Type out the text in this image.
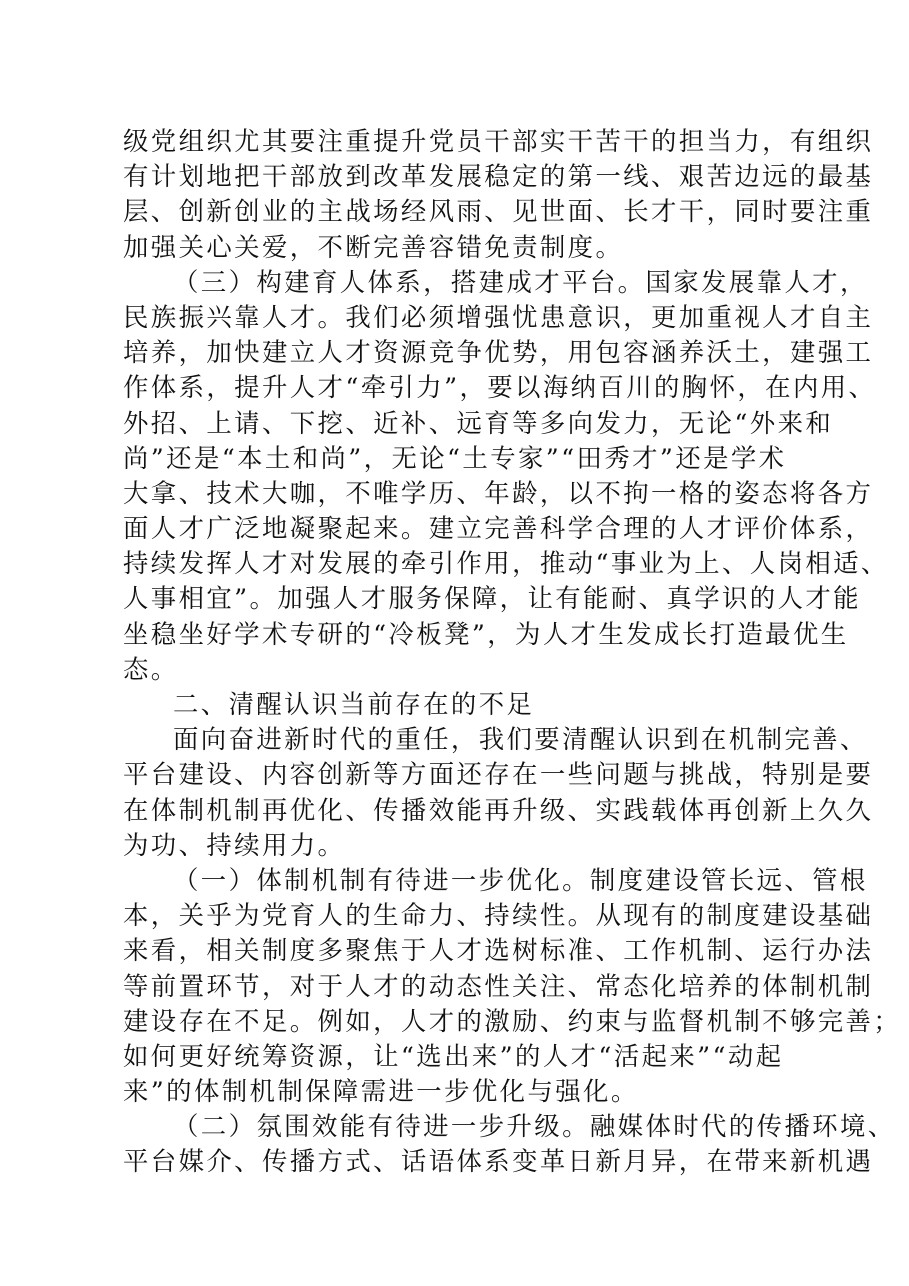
级党组织尤其要注重提升党员干部实干苦干的担当力，有组织
有计划地把干部放到改革发展稳定的第一线、艰苦边远的最基
层、创新创业的主战场经风雨、见世面、长才干，同时要注重
加强关心关爱，不断完善容错免责制度。
（三）构建育人体系，搭建成才平台。国家发展靠人才，
民族振兴靠人才。我们必须增强忧患意识，更加重视人才自主
培养，加快建立人才资源竞争优势，用包容涵养沃土，建强工
作体系，提升人才“牵引力”，要以海纳百川的胸怀，在内用、
外招、上请、下挖、近补、远育等多向发力，无论“外来和
尚”还是“本土和尚”，无论“土专家”“田秀才”还是学术
大拿、技术大咖，不唯学历、年龄，以不拘一格的姿态将各方
面人才广泛地凝聚起来。建立完善科学合理的人才评价体系，
持续发挥人才对发展的牵引作用，推动“事业为上、人岗相适、
人事相宜”。加强人才服务保障，让有能耐、真学识的人才能
坐稳坐好学术专研的“冷板凳”，为人才生发成长打造最优生
态。
二、清醒认识当前存在的不足
面向奋进新时代的重任，我们要清醒认识到在机制完善、
平台建设、内容创新等方面还存在一些问题与挑战，特别是要
在体制机制再优化、传播效能再升级、实践载体再创新上久久
为功、持续用力。
（一）体制机制有待进一步优化。制度建设管长远、管根
本，关乎为党育人的生命力、持续性。从现有的制度建设基础
来看，相关制度多聚焦于人才选树标准、工作机制、运行办法
等前置环节，对于人才的动态性关注、常态化培养的体制机制
建设存在不足。例如，人才的激励、约束与监督机制不够完善；
如何更好统筹资源，让“选出来”的人才“活起来”“动起
来”的体制机制保障需进一步优化与强化。
（二）氛围效能有待进一步升级。融媒体时代的传播环境、
平台媒介、传播方式、话语体系变革日新月异，在带来新机遇
